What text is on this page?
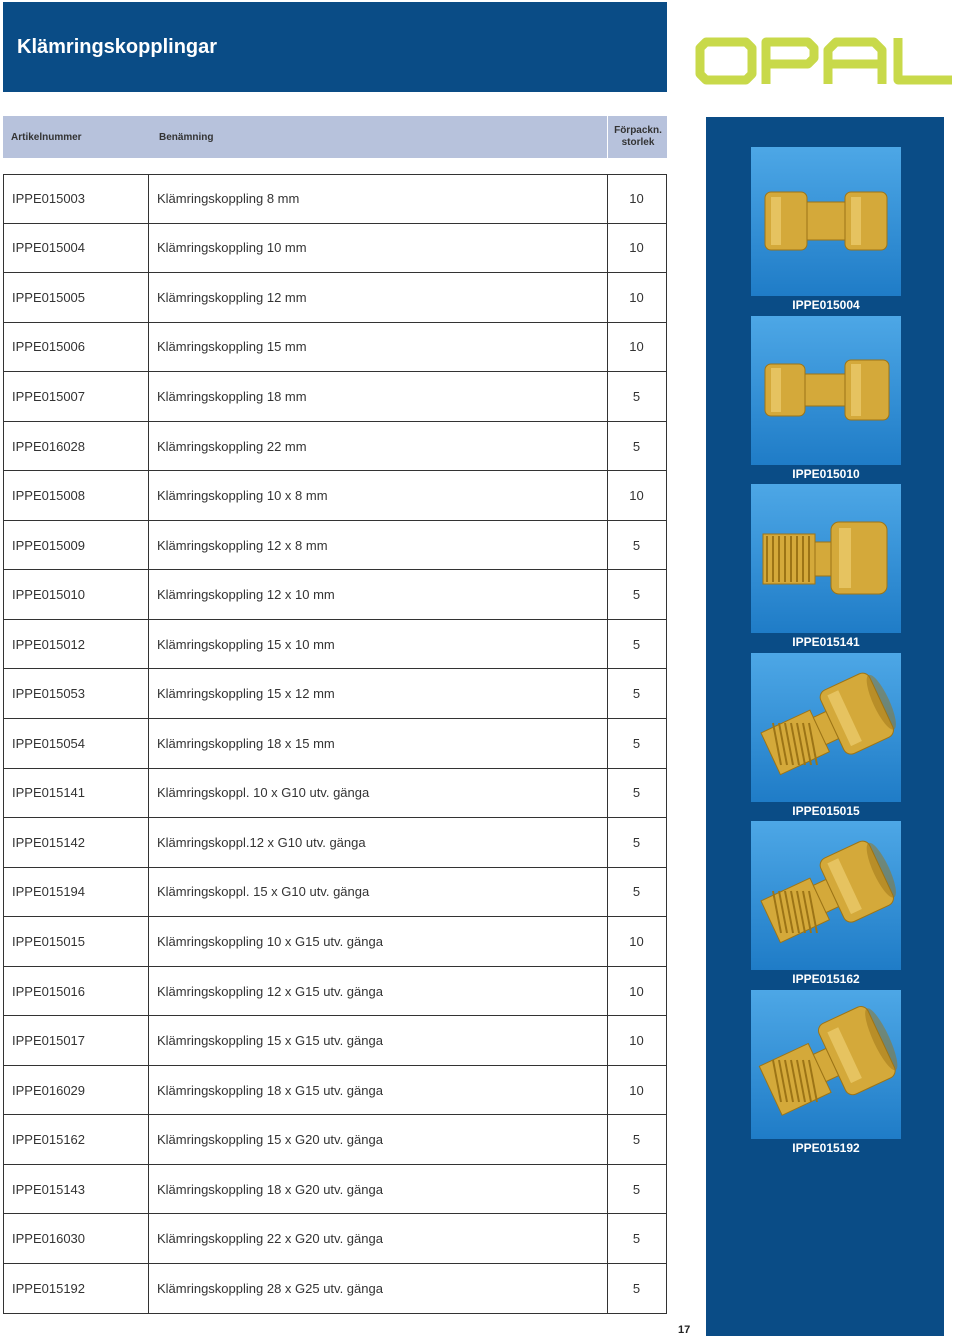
Klämringskopplingar
Artikelnummer	Benämning
Förpackn.
storlek
IPPE015003	Klämringskoppling 8 mm	10
IPPE015004	Klämringskoppling 10 mm	10
IPPE015005	Klämringskoppling 12 mm	10
IPPE015006	Klämringskoppling 15 mm	10
IPPE015007	Klämringskoppling 18 mm	5
IPPE016028	Klämringskoppling 22 mm	5
IPPE015008	Klämringskoppling 10 x 8 mm	10
IPPE015009	Klämringskoppling 12 x 8 mm	5
IPPE015010	Klämringskoppling 12 x 10 mm	5
IPPE015012	Klämringskoppling 15 x 10 mm	5
IPPE015053	Klämringskoppling 15 x 12 mm	5
IPPE015054	Klämringskoppling 18 x 15 mm	5
IPPE015141	Klämringskoppl. 10 x G10 utv. gänga	5
IPPE015142	Klämringskoppl.12 x G10 utv. gänga	5
IPPE015194	Klämringskoppl. 15 x G10 utv. gänga	5
IPPE015015	Klämringskoppling 10 x G15 utv. gänga	10
IPPE015016	Klämringskoppling 12 x G15 utv. gänga	10
IPPE015017	Klämringskoppling 15 x G15 utv. gänga	10
IPPE016029	Klämringskoppling 18 x G15 utv. gänga	10
IPPE015162	Klämringskoppling 15 x G20 utv. gänga	5
IPPE015143	Klämringskoppling 18 x G20 utv. gänga	5
IPPE016030	Klämringskoppling 22 x G20 utv. gänga	5
IPPE015192	Klämringskoppling 28 x G25 utv. gänga	5
IPPE015004
IPPE015010
IPPE015141
IPPE015015
IPPE015162
IPPE015192
17
